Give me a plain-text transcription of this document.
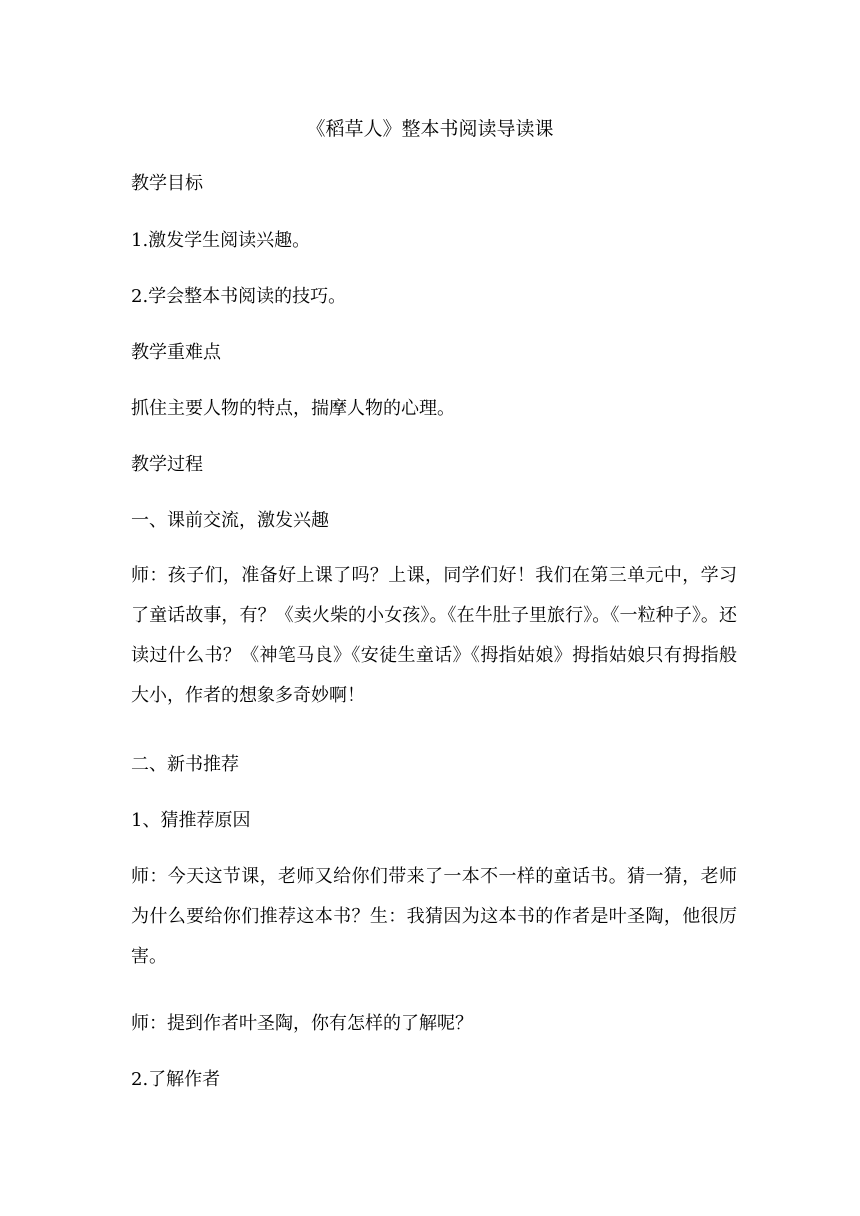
《稻草人》整本书阅读导读课
教学目标
1.激发学生阅读兴趣。
2.学会整本书阅读的技巧。
教学重难点
抓住主要人物的特点，揣摩人物的心理。
教学过程
一、课前交流，激发兴趣
师：孩子们，准备好上课了吗？上课，同学们好！我们在第三单元中，学习了童话故事，有？《卖火柴的小女孩》。《在牛肚子里旅行》。《一粒种子》。还读过什么书？《神笔马良》《安徒生童话》《拇指姑娘》拇指姑娘只有拇指般大小，作者的想象多奇妙啊！
二、新书推荐
1、猜推荐原因
师：今天这节课，老师又给你们带来了一本不一样的童话书。猜一猜，老师为什么要给你们推荐这本书？生：我猜因为这本书的作者是叶圣陶，他很厉害。
师：提到作者叶圣陶，你有怎样的了解呢？
2.了解作者
